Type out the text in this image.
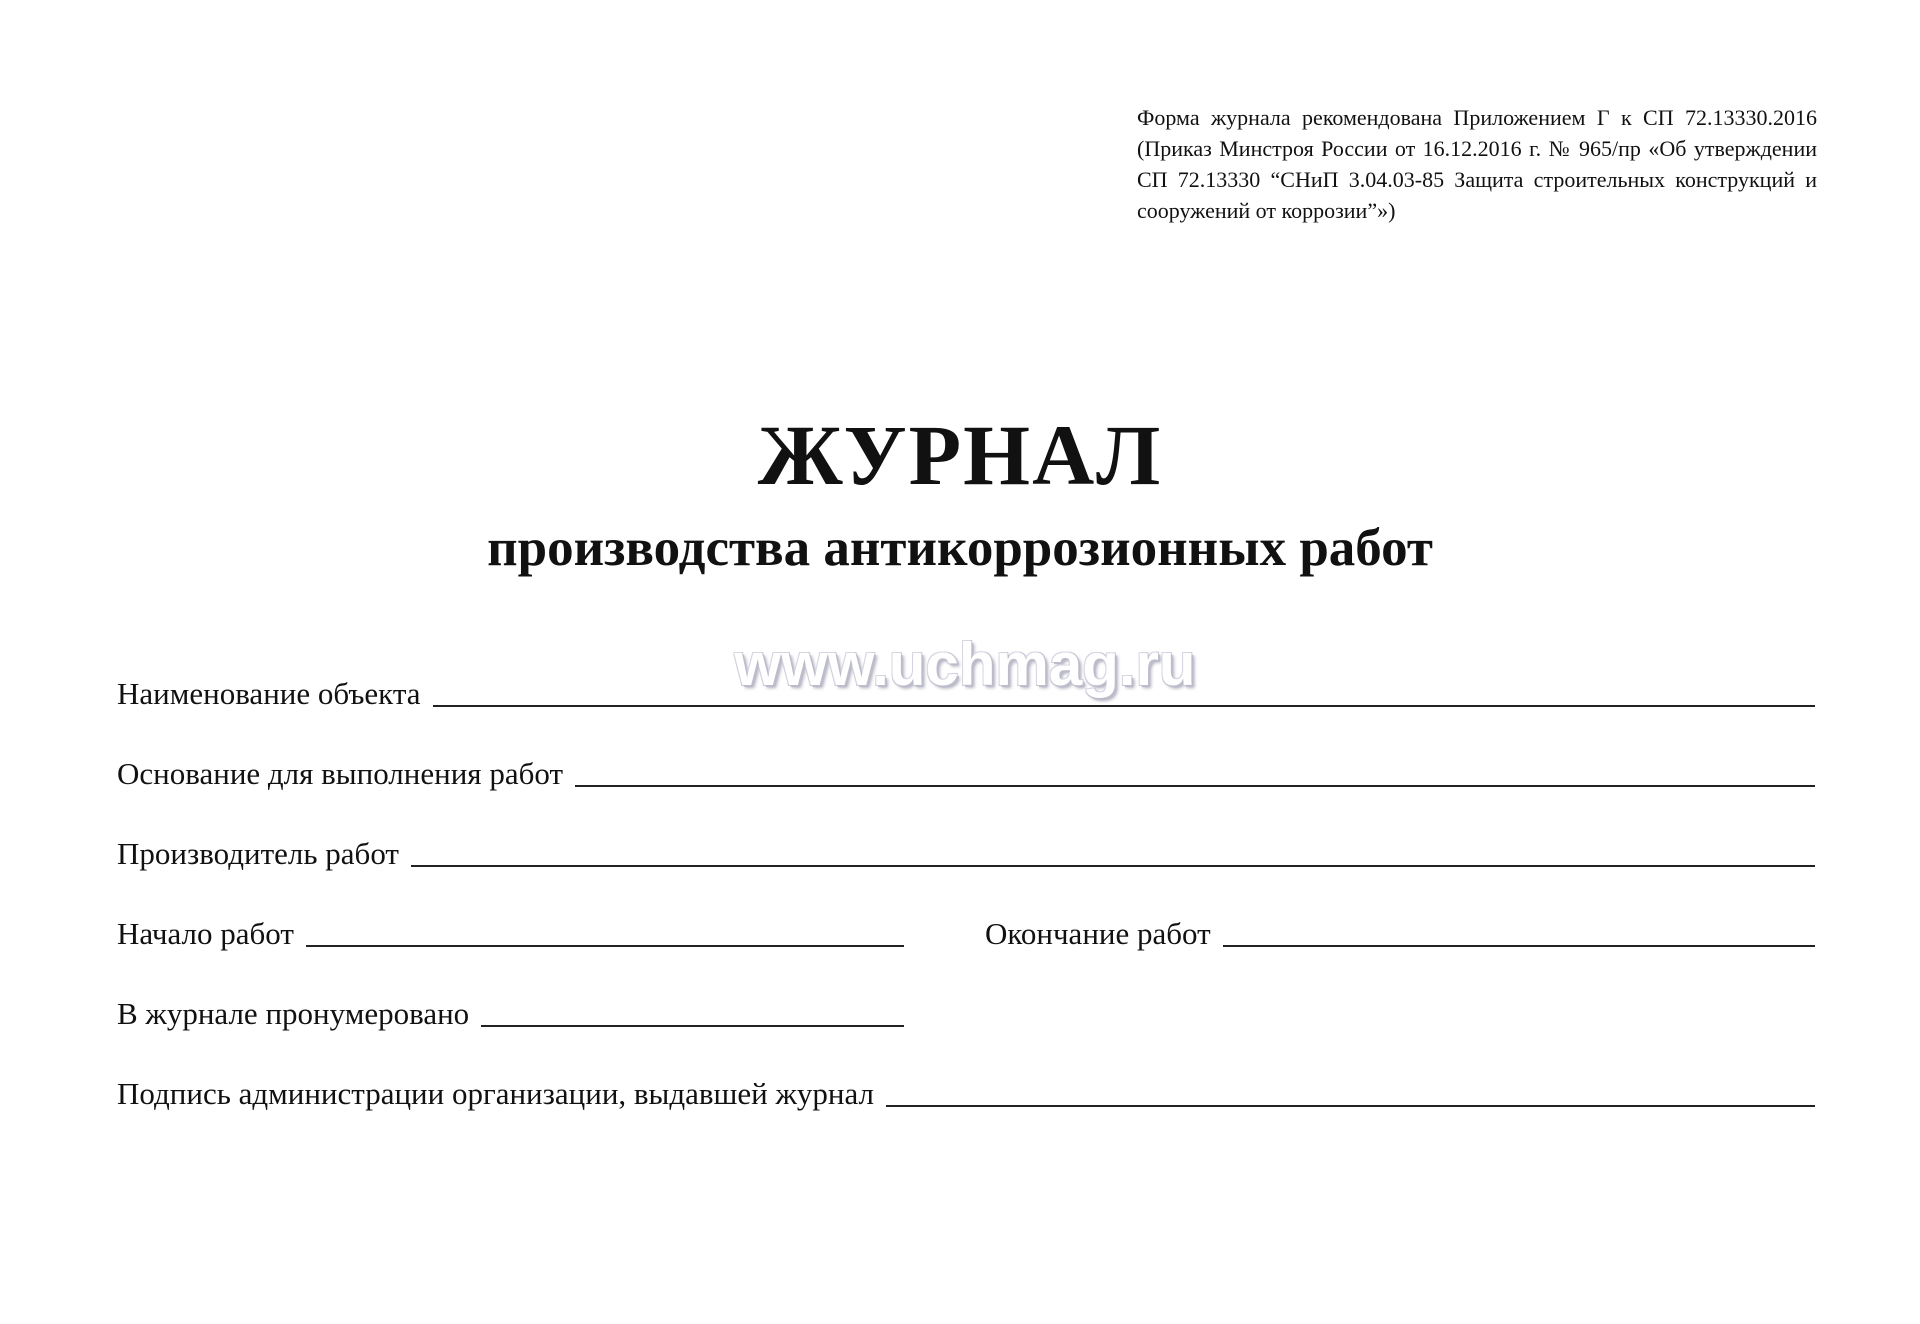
Форма журнала рекомендована Приложением Г к СП 72.13330.2016 (Приказ Минстроя России от 16.12.2016 г. № 965/пр «Об утверждении СП 72.13330 “СНиП 3.04.03-85 Защита строительных конструкций и сооружений от коррозии”»)
ЖУРНАЛ
производства антикоррозионных работ
www.uchmag.ru
Наименование объекта
Основание для выполнения работ
Производитель работ
Начало работ	Окончание работ
В журнале пронумеровано
Подпись администрации организации, выдавшей журнал
